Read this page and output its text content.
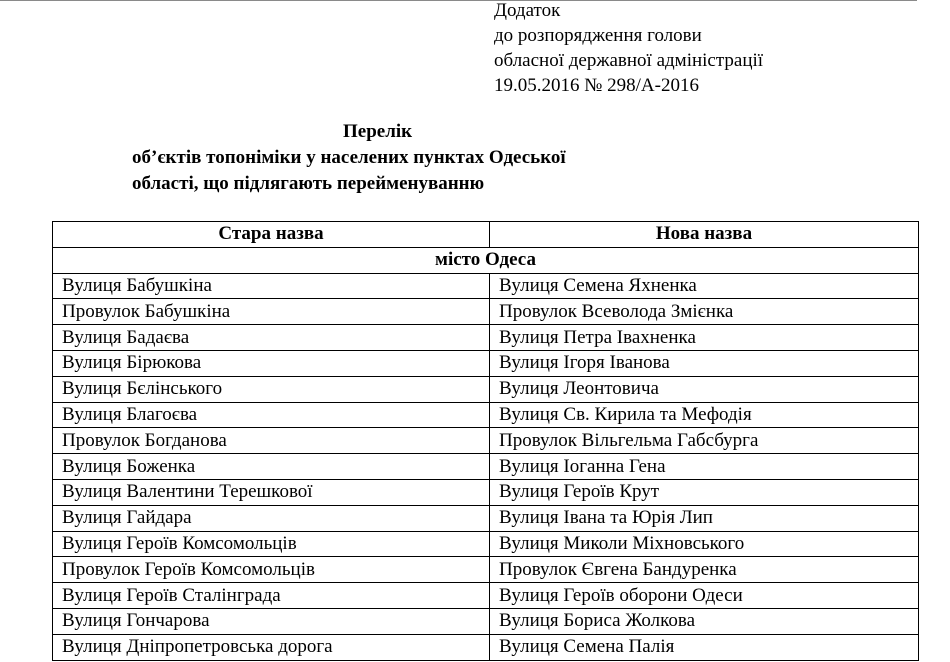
Додаток
до розпорядження голови
обласної державної адміністрації
19.05.2016 № 298/А-2016
Перелік
об’єктів топоніміки у населених пунктах Одеської
області, що підлягають перейменуванню
Стара назва	Нова назва
місто Одеса	
Вулиця Бабушкіна	Вулиця Семена Яхненка
Провулок Бабушкіна	Провулок Всеволода Змієнка
Вулиця Бадаєва	Вулиця Петра Івахненка
Вулиця Бірюкова	Вулиця Ігоря Іванова
Вулиця Бєлінського	Вулиця Леонтовича
Вулиця Благоєва	Вулиця Св. Кирила та Мефодія
Провулок Богданова	Провулок Вільгельма Габсбурга
Вулиця Боженка	Вулиця Іоганна Гена
Вулиця Валентини Терешкової	Вулиця Героїв Крут
Вулиця Гайдара	Вулиця Івана та Юрія Лип
Вулиця Героїв Комсомольців	Вулиця Миколи Міхновського
Провулок Героїв Комсомольців	Провулок Євгена Бандуренка
Вулиця Героїв Сталінграда	Вулиця Героїв оборони Одеси
Вулиця Гончарова	Вулиця Бориса Жолкова
Вулиця Дніпропетровська дорога	Вулиця Семена Палія
